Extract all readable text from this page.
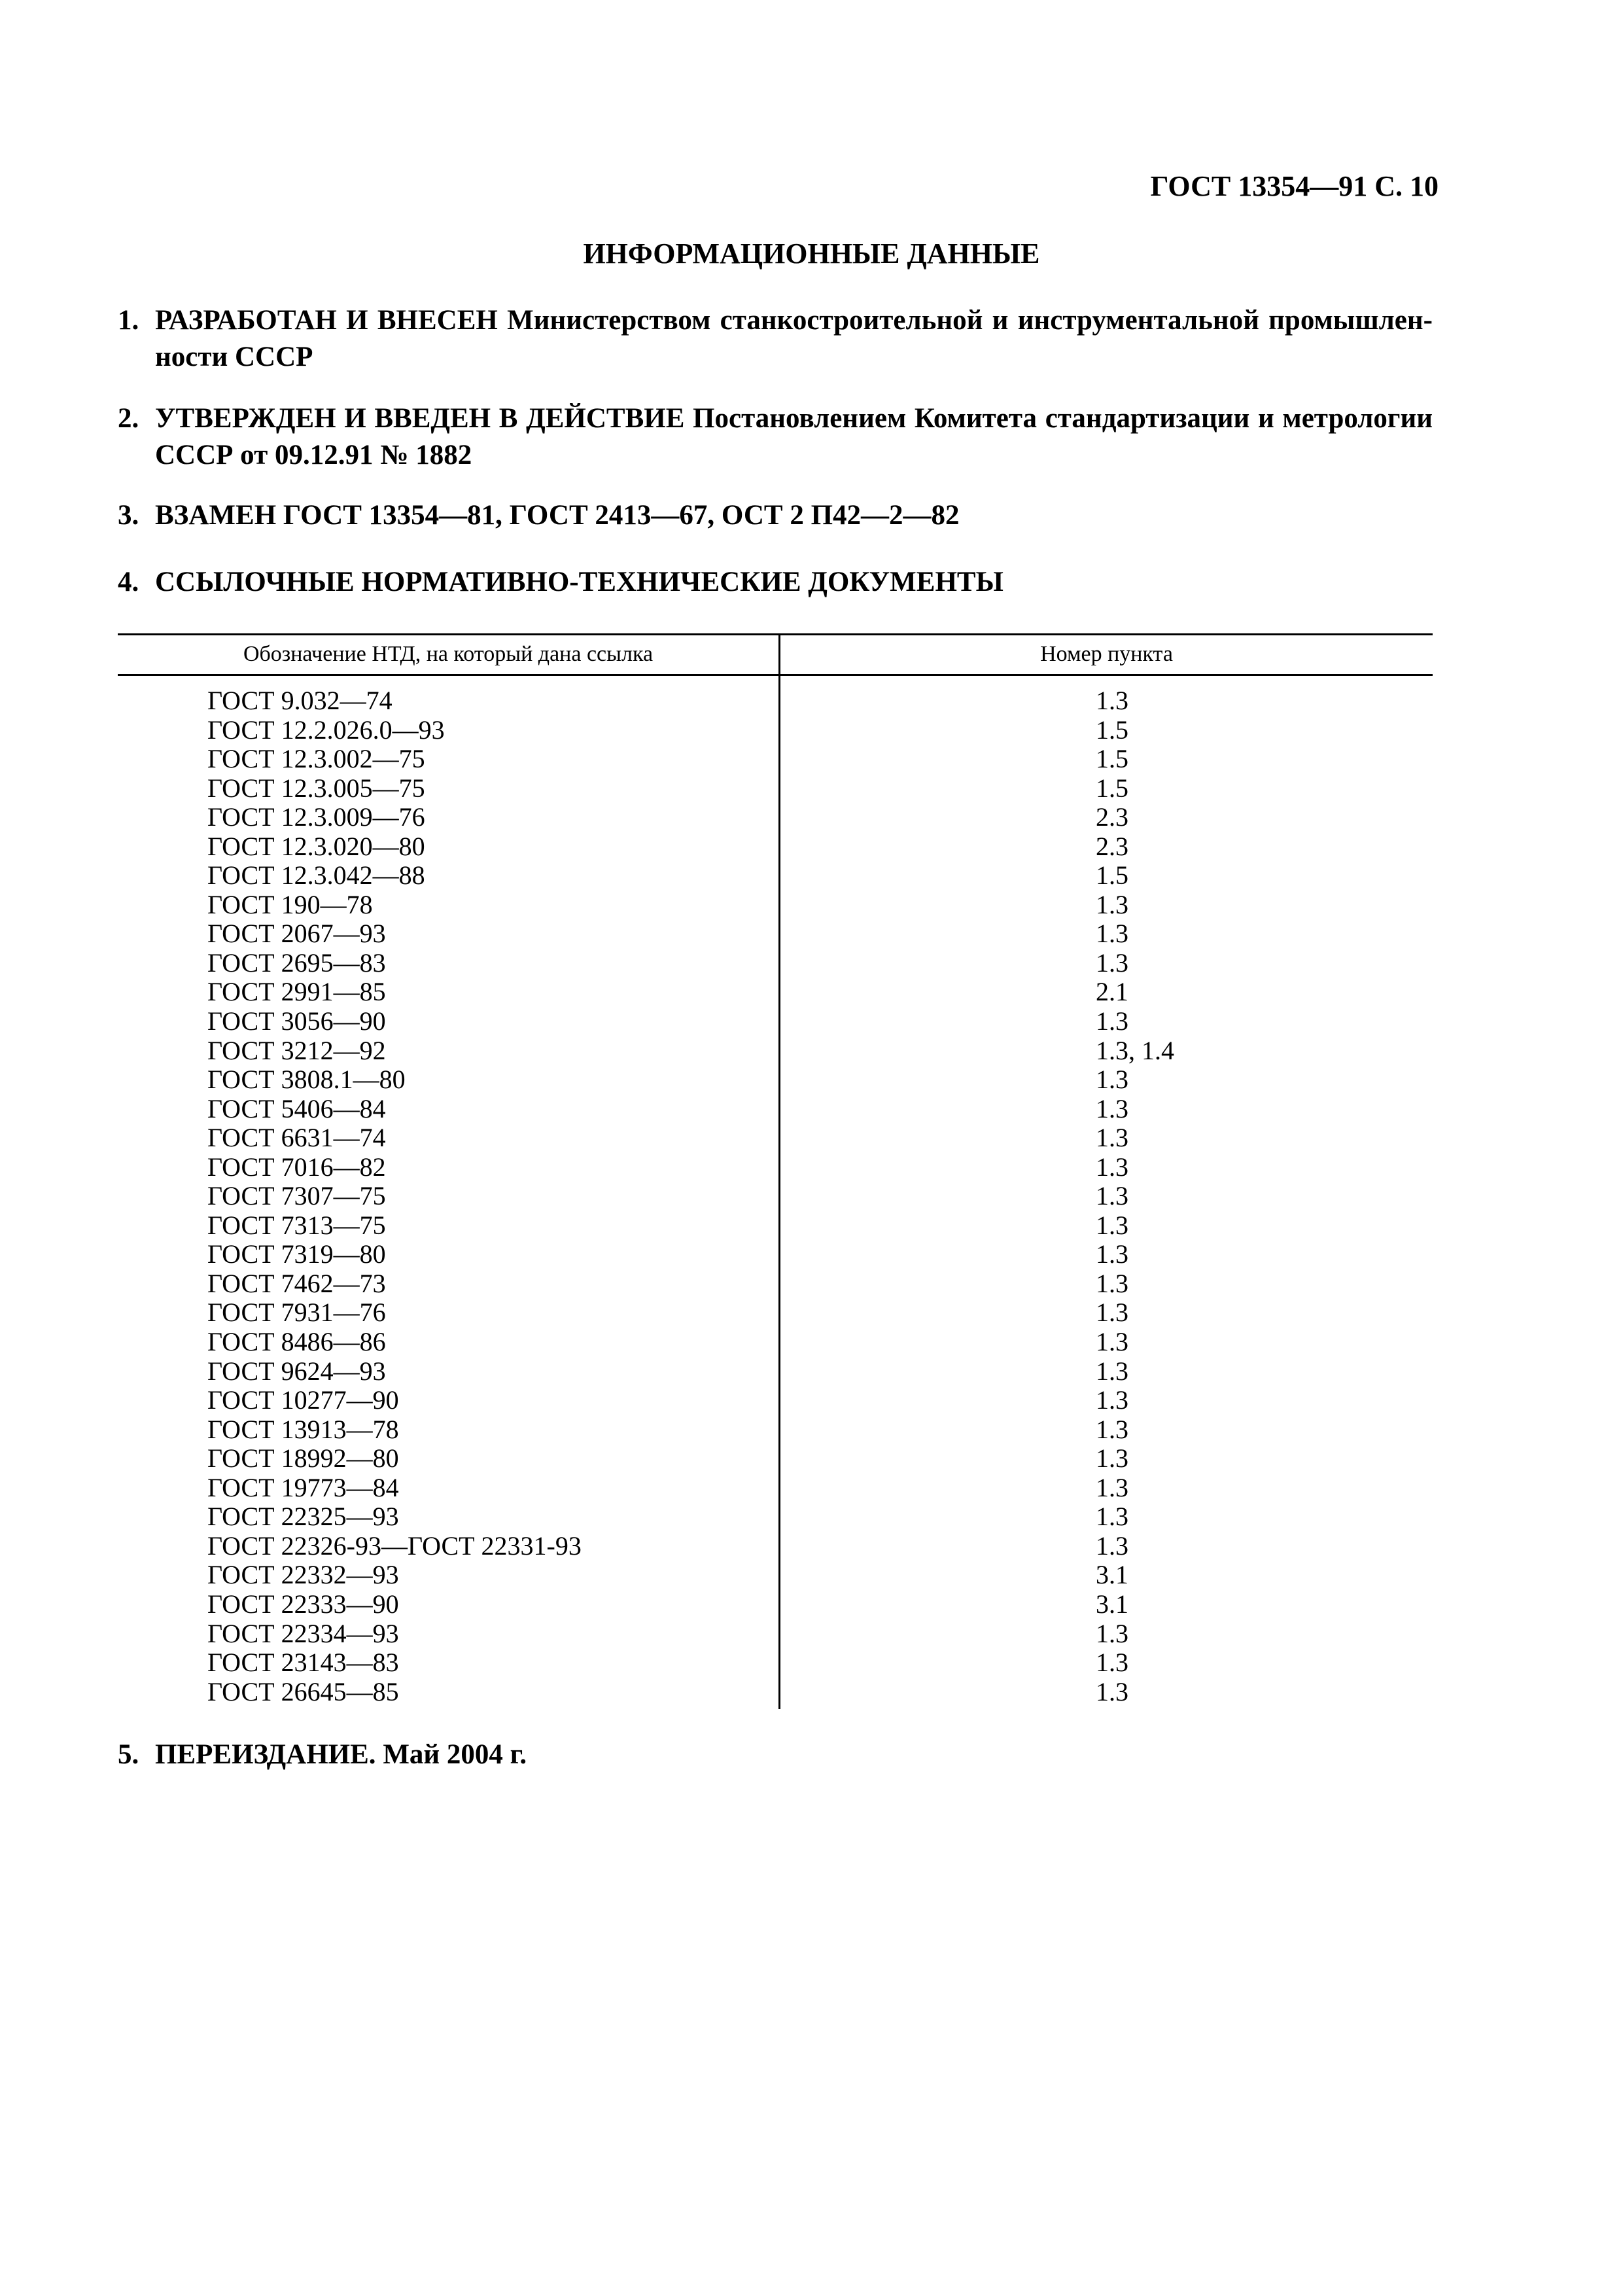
ГОСТ 13354—91 С. 10
ИНФОРМАЦИОННЫЕ ДАННЫЕ
1. РАЗРАБОТАН И ВНЕСЕН Министерством станкостроительной и инструментальной промышленности СССР
2. УТВЕРЖДЕН И ВВЕДЕН В ДЕЙСТВИЕ Постановлением Комитета стандартизации и метрологии СССР от 09.12.91 № 1882
3. ВЗАМЕН ГОСТ 13354—81, ГОСТ 2413—67, ОСТ 2 П42—2—82
4. ССЫЛОЧНЫЕ НОРМАТИВНО-ТЕХНИЧЕСКИЕ ДОКУМЕНТЫ
Обозначение НТД, на который дана ссылка	Номер пункта
ГОСТ 9.032—74	1.3
ГОСТ 12.2.026.0—93	1.5
ГОСТ 12.3.002—75	1.5
ГОСТ 12.3.005—75	1.5
ГОСТ 12.3.009—76	2.3
ГОСТ 12.3.020—80	2.3
ГОСТ 12.3.042—88	1.5
ГОСТ 190—78	1.3
ГОСТ 2067—93	1.3
ГОСТ 2695—83	1.3
ГОСТ 2991—85	2.1
ГОСТ 3056—90	1.3
ГОСТ 3212—92	1.3, 1.4
ГОСТ 3808.1—80	1.3
ГОСТ 5406—84	1.3
ГОСТ 6631—74	1.3
ГОСТ 7016—82	1.3
ГОСТ 7307—75	1.3
ГОСТ 7313—75	1.3
ГОСТ 7319—80	1.3
ГОСТ 7462—73	1.3
ГОСТ 7931—76	1.3
ГОСТ 8486—86	1.3
ГОСТ 9624—93	1.3
ГОСТ 10277—90	1.3
ГОСТ 13913—78	1.3
ГОСТ 18992—80	1.3
ГОСТ 19773—84	1.3
ГОСТ 22325—93	1.3
ГОСТ 22326-93—ГОСТ 22331-93	1.3
ГОСТ 22332—93	3.1
ГОСТ 22333—90	3.1
ГОСТ 22334—93	1.3
ГОСТ 23143—83	1.3
ГОСТ 26645—85	1.3
5. ПЕРЕИЗДАНИЕ. Май 2004 г.
